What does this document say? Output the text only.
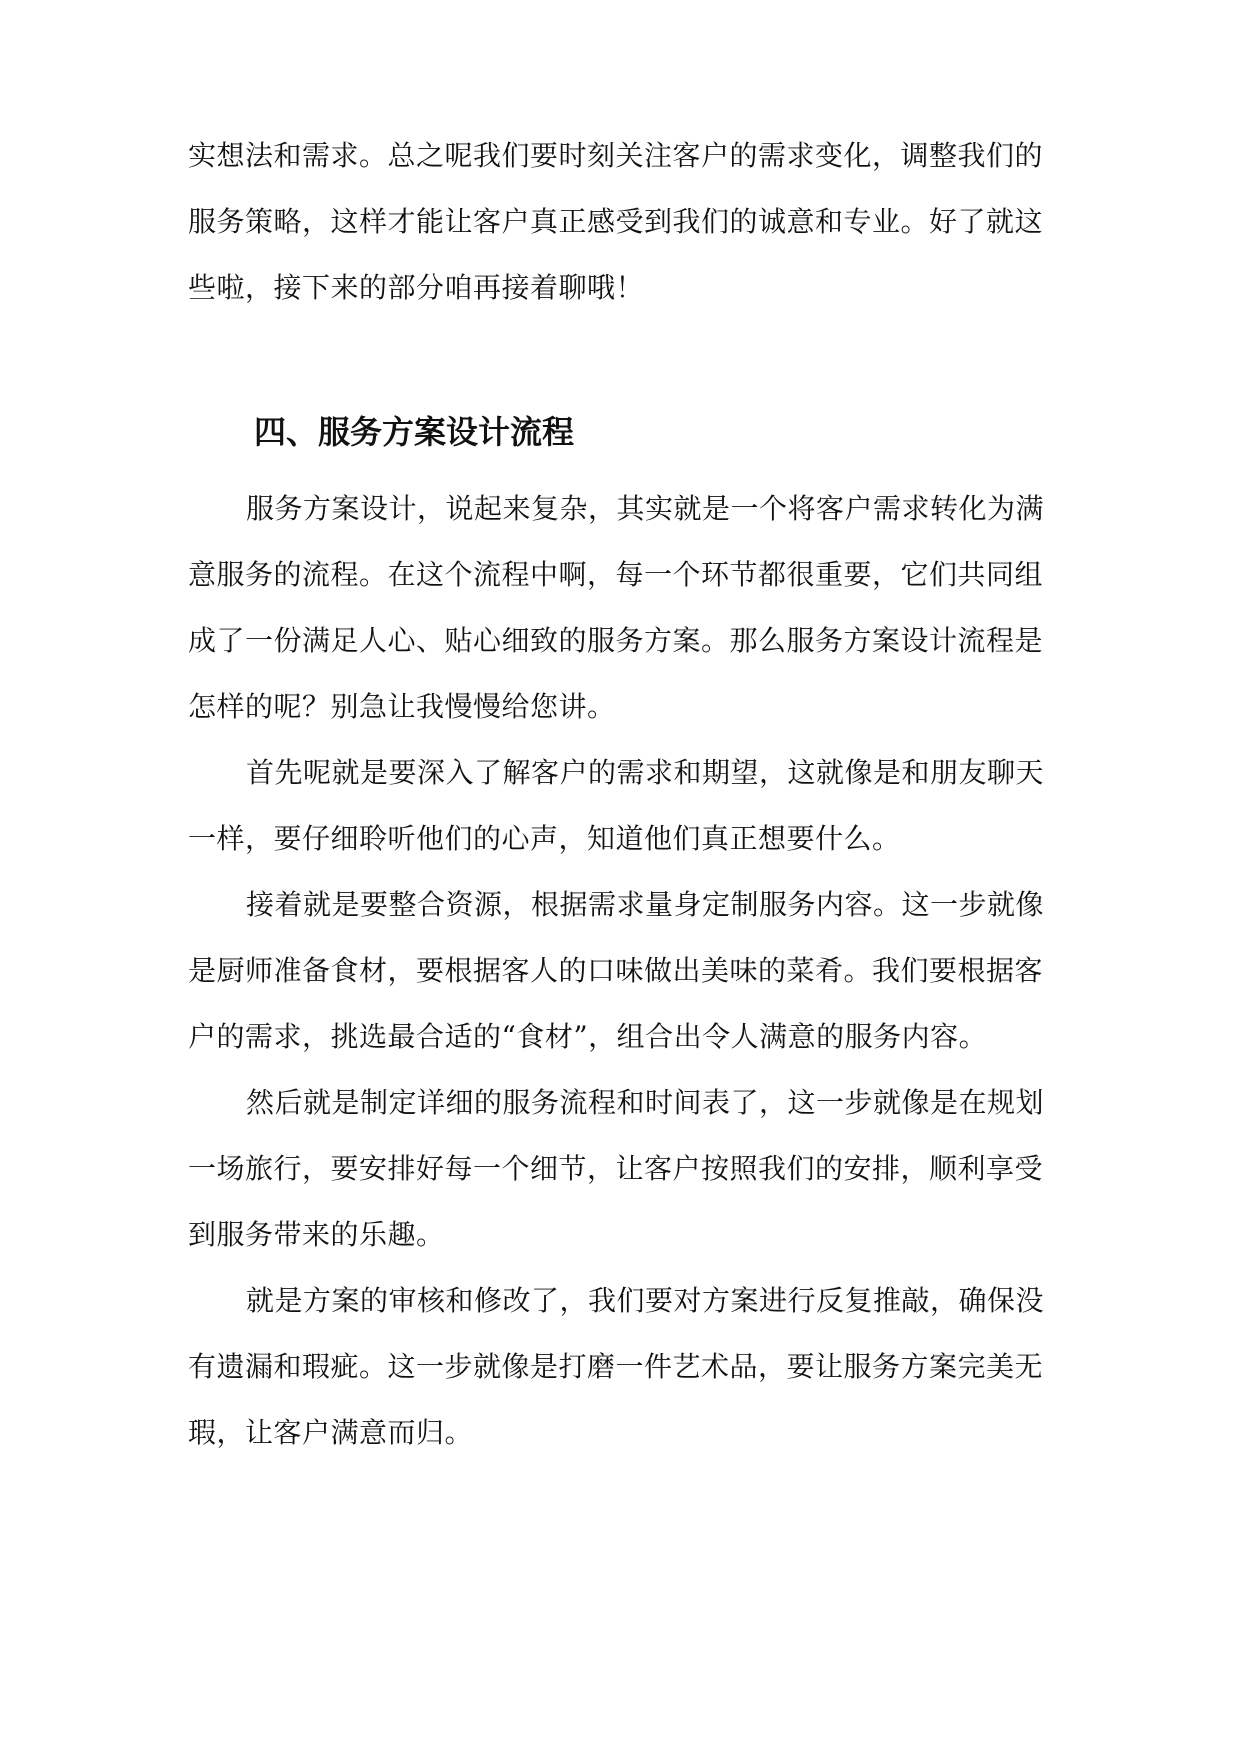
实想法和需求。总之呢我们要时刻关注客户的需求变化，调整我们的
服务策略，这样才能让客户真正感受到我们的诚意和专业。好了就这
些啦，接下来的部分咱再接着聊哦！
四、服务方案设计流程
服务方案设计，说起来复杂，其实就是一个将客户需求转化为满
意服务的流程。在这个流程中啊，每一个环节都很重要，它们共同组
成了一份满足人心、贴心细致的服务方案。那么服务方案设计流程是
怎样的呢？别急让我慢慢给您讲。
首先呢就是要深入了解客户的需求和期望，这就像是和朋友聊天
一样，要仔细聆听他们的心声，知道他们真正想要什么。
接着就是要整合资源，根据需求量身定制服务内容。这一步就像
是厨师准备食材，要根据客人的口味做出美味的菜肴。我们要根据客
户的需求，挑选最合适的“食材”，组合出令人满意的服务内容。
然后就是制定详细的服务流程和时间表了，这一步就像是在规划
一场旅行，要安排好每一个细节，让客户按照我们的安排，顺利享受
到服务带来的乐趣。
就是方案的审核和修改了，我们要对方案进行反复推敲，确保没
有遗漏和瑕疵。这一步就像是打磨一件艺术品，要让服务方案完美无
瑕，让客户满意而归。
